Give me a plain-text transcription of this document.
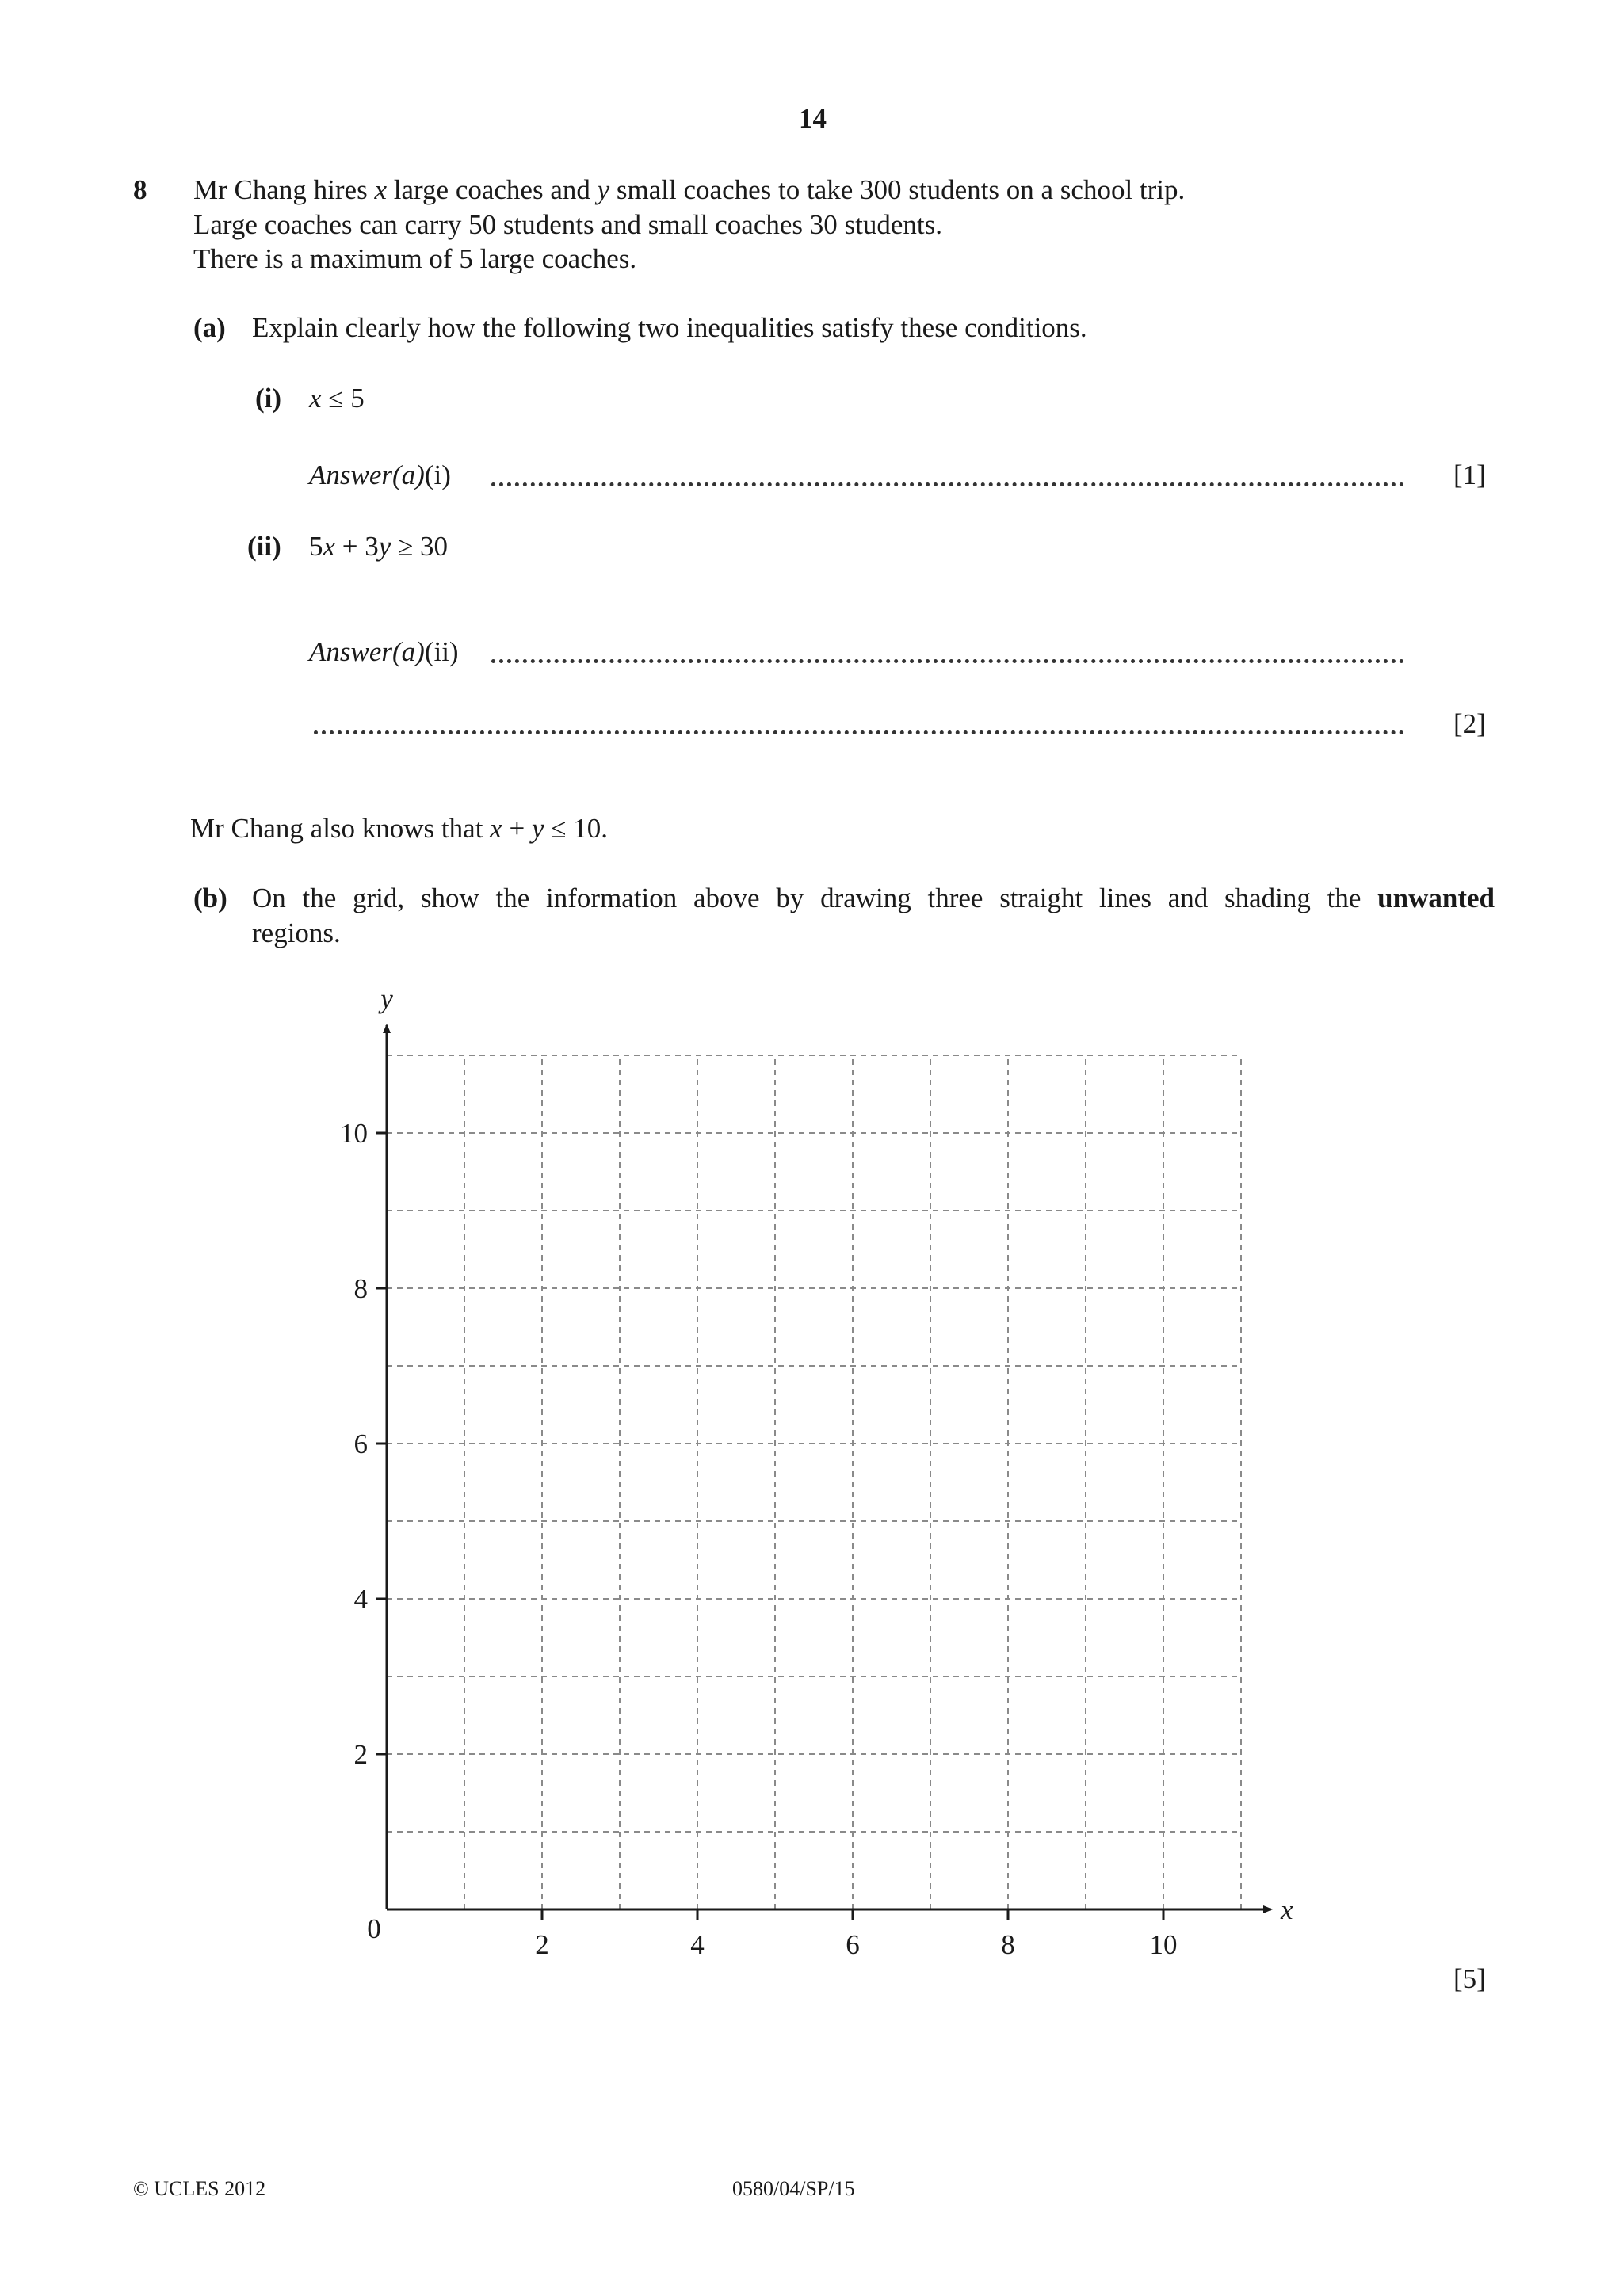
14
8 Mr Chang hires x large coaches and y small coaches to take 300 students on a school trip.
Large coaches can carry 50 students and small coaches 30 students.
There is a maximum of 5 large coaches.
(a) Explain clearly how the following two inequalities satisfy these conditions.
(i) x ≤ 5
Answer(a)(i)	[1]
(ii) 5x + 3y ≥ 30
Answer(a)(ii)
[2]
Mr Chang also knows that x + y ≤ 10.
(b) On the grid, show the information above by drawing three straight lines and shading the unwanted
regions.
2	4	6	8	10
2
4
6
8
10
0
x
y
[5]
© UCLES 2012	0580/04/SP/15
